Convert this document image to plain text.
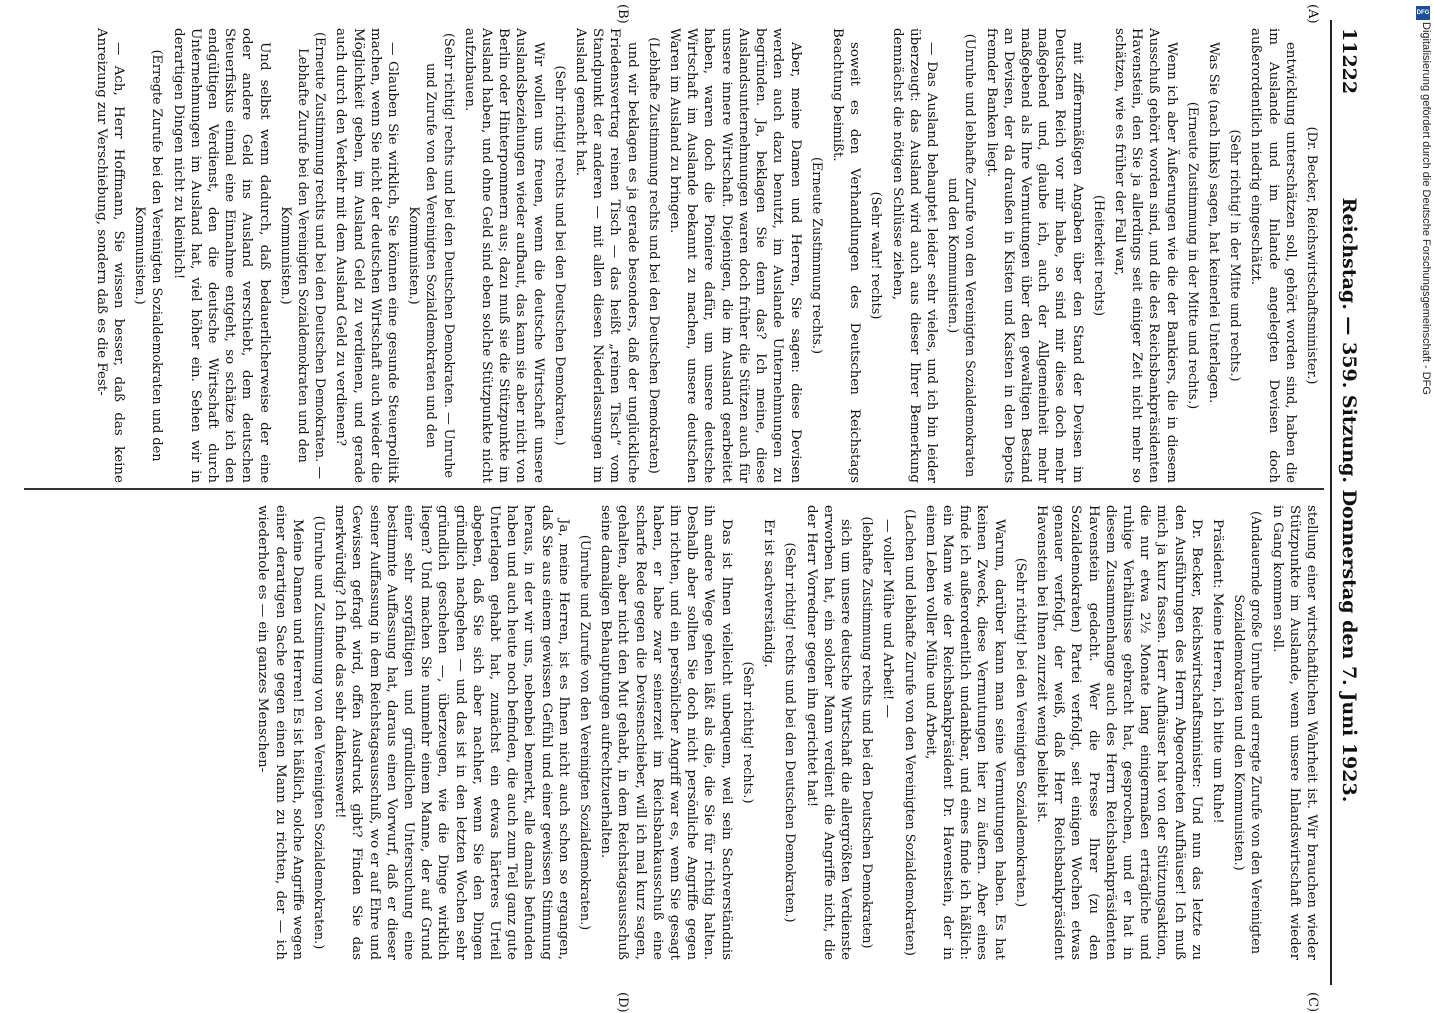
11222
Reichstag. — 359. Sitzung. Donnerstag den 7. Juni 1923.
(A)
(B)
(C)
(D)

(Dr. Becker, Reichswirtschaftsminister.)

entwicklung unterschätzen soll, gehört worden sind, haben die im Auslande und im Inlande angelegten Devisen doch außerordentlich niedrig eingeschätzt.

(Sehr richtig! in der Mitte und rechts.)

Was Sie (nach links) sagen, hat keinerlei Unterlagen.

(Erneute Zustimmung in der Mitte und rechts.)

Wenn ich aber Äußerungen wie die der Bankiers, die in diesem Ausschuß gehört worden sind, und die des Reichsbankpräsidenten Havenstein, den Sie ja allerdings seit einiger Zeit nicht mehr so schätzen, wie es früher der Fall war,

(Heiterkeit rechts)

mit ziffernmäßigen Angaben über den Stand der Devisen im Deutschen Reich vor mir habe, so sind mir diese doch mehr maßgebend und, glaube ich, auch der Allgemeinheit mehr maßgebend als Ihre Vermutungen über den gewaltigen Bestand an Devisen, der da draußen in Kisten und Kasten in den Depots fremder Banken liegt.

(Unruhe und lebhafte Zurufe von den Vereinigten Sozialdemokraten und den Kommunisten.)

— Das Ausland behauptet leider sehr vieles, und ich bin leider überzeugt: das Ausland wird auch aus dieser Ihrer Bemerkung demnächst die nötigen Schlüsse ziehen,

(Sehr wahr! rechts)

soweit es den Verhandlungen des Deutschen Reichstags Beachtung beimißt.

(Erneute Zustimmung rechts.)

Aber, meine Damen und Herren, Sie sagen: diese Devisen werden auch dazu benutzt, im Auslande Unternehmungen zu begründen. Ja, beklagen Sie denn das? Ich meine, diese Auslandsunternehmungen waren doch früher die Stützen auch für unsere innere Wirtschaft. Diejenigen, die im Ausland gearbeitet haben, waren doch die Pioniere dafür, um unsere deutsche Wirtschaft im Auslande bekannt zu machen, unsere deutschen Waren im Ausland zu bringen.

(Lebhafte Zustimmung rechts und bei den Deutschen Demokraten)

und wir beklagen es ja gerade besonders, daß der unglückliche Friedensvertrag reinen Tisch — das heißt „reinen Tisch“ vom Standpunkt der anderen — mit allen diesen Niederlassungen im Ausland gemacht hat.

(Sehr richtig! rechts und bei den Deutschen Demokraten.)

Wir wollen uns freuen, wenn die deutsche Wirtschaft unsere Auslandsbeziehungen wieder aufbaut, das kann sie aber nicht von Berlin oder Hinterpommern aus; dazu muß sie die Stützpunkte im Ausland haben, und ohne Geld sind eben solche Stützpunkte nicht aufzubauen.

(Sehr richtig! rechts und bei den Deutschen Demokraten. — Unruhe und Zurufe von den Vereinigten Sozialdemokraten und den Kommunisten.)

— Glauben Sie wirklich, Sie können eine gesunde Steuerpolitik machen, wenn Sie nicht der deutschen Wirtschaft auch wieder die Möglichkeit geben, im Ausland Geld zu verdienen, und gerade auch durch den Verkehr mit dem Ausland Geld zu verdienen?

(Erneute Zustimmung rechts und bei den Deutschen Demokraten. — Lebhafte Zurufe bei den Vereinigten Sozialdemokraten und den Kommunisten.)

Und selbst wenn dadurch, daß bedauerlicherweise der eine oder andere Geld ins Ausland verschiebt, dem deutschen Steuerfiskus einmal eine Einnahme entgeht, so schätze ich den endgültigen Verdienst, den die deutsche Wirtschaft durch Unternehmungen im Ausland hat, viel höher ein. Sehen wir in derartigen Dingen nicht zu kleinlich!

(Erregte Zurufe bei den Vereinigten Sozialdemokraten und den Kommunisten.)

— Ach, Herr Hoffmann, Sie wissen besser, daß das keine Anreizung zur Verschiebung, sondern daß es die Fest-

stellung einer wirtschaftlichen Wahrheit ist. Wir brauchen wieder Stützpunkte im Auslande, wenn unsere Inlandswirtschaft wieder in Gang kommen soll.

(Andauernde große Unruhe und erregte Zurufe von den Vereinigten Sozialdemokraten und den Kommunisten.)

Präsident: Meine Herren, ich bitte um Ruhe!

Dr. Becker, Reichswirtschaftsminister: Und nun das letzte zu den Ausführungen des Herrn Abgeordneten Aufhäuser! Ich muß mich ja kurz fassen. Herr Aufhäuser hat von der Stützungsaktion, die nur etwa 2½ Monate lang einigermaßen erträgliche und ruhige Verhältnisse gebracht hat, gesprochen, und er hat in diesem Zusammenhange auch des Herrn Reichsbankpräsidenten Havenstein gedacht. Wer die Presse Ihrer (zu den Sozialdemokraten) Partei verfolgt, seit einigen Wochen etwas genauer verfolgt, der weiß, daß Herr Reichsbankpräsident Havenstein bei Ihnen zurzeit wenig beliebt ist.

(Sehr richtig! bei den Vereinigten Sozialdemokraten.)

Warum, darüber kann man seine Vermutungen haben. Es hat keinen Zweck, diese Vermutungen hier zu äußern. Aber eines finde ich außerordentlich undankbar, und eines finde ich häßlich: ein Mann wie der Reichsbankpräsident Dr. Havenstein, der in einem Leben voller Mühe und Arbeit,

(Lachen und lebhafte Zurufe von den Vereinigten Sozialdemokraten)

— voller Mühe und Arbeit! —

(lebhafte Zustimmung rechts und bei den Deutschen Demokraten)

sich um unsere deutsche Wirtschaft die allergrößten Verdienste erworben hat, ein solcher Mann verdient die Angriffe nicht, die der Herr Vorredner gegen ihn gerichtet hat!

(Sehr richtig! rechts und bei den Deutschen Demokraten.)

Er ist sachverständig.

(Sehr richtig! rechts.)

Das ist Ihnen vielleicht unbequem, weil sein Sachverständnis ihn andere Wege gehen läßt als die, die Sie für richtig halten. Deshalb aber sollten Sie doch nicht persönliche Angriffe gegen ihn richten, und ein persönlicher Angriff war es, wenn Sie gesagt haben, er habe zwar seinerzeit im Reichsbankausschuß eine scharfe Rede gegen die Devisenschieber, will ich mal kurz sagen, gehalten, aber nicht den Mut gehabt, in dem Reichstagsausschuß seine damaligen Behauptungen aufrechtzuerhalten.

(Unruhe und Zurufe von den Vereinigten Sozialdemokraten.)

Ja, meine Herren, ist es Ihnen nicht auch schon so ergangen, daß Sie aus einem gewissen Gefühl und einer gewissen Stimmung heraus, in der wir uns, nebenbei bemerkt, alle damals befunden haben und auch heute noch befinden, die auch zum Teil ganz gute Unterlagen gehabt hat, zunächst ein etwas härteres Urteil abgeben, daß Sie sich aber nachher, wenn Sie den Dingen gründlich nachgehen — und das ist in den letzten Wochen sehr gründlich geschehen —, überzeugen, wie die Dinge wirklich liegen? Und machen Sie nunmehr einem Manne, der auf Grund einer sehr sorgfältigen und gründlichen Untersuchung eine bestimmte Auffassung hat, daraus einen Vorwurf, daß er dieser seiner Auffassung in dem Reichstagsausschuß, wo er auf Ehre und Gewissen gefragt wird, offen Ausdruck gibt? Finden Sie das merkwürdig? Ich finde das sehr dankenswert!

(Unruhe und Zustimmung von den Vereinigten Sozialdemokraten.)

Meine Damen und Herren! Es ist häßlich, solche Angriffe wegen einer derartigen Sache gegen einen Mann zu richten, der — ich wiederhole es — ein ganzes Menschen-

DFG
Digitalisierung gefördert durch die Deutsche Forschungsgemeinschaft - DFG
